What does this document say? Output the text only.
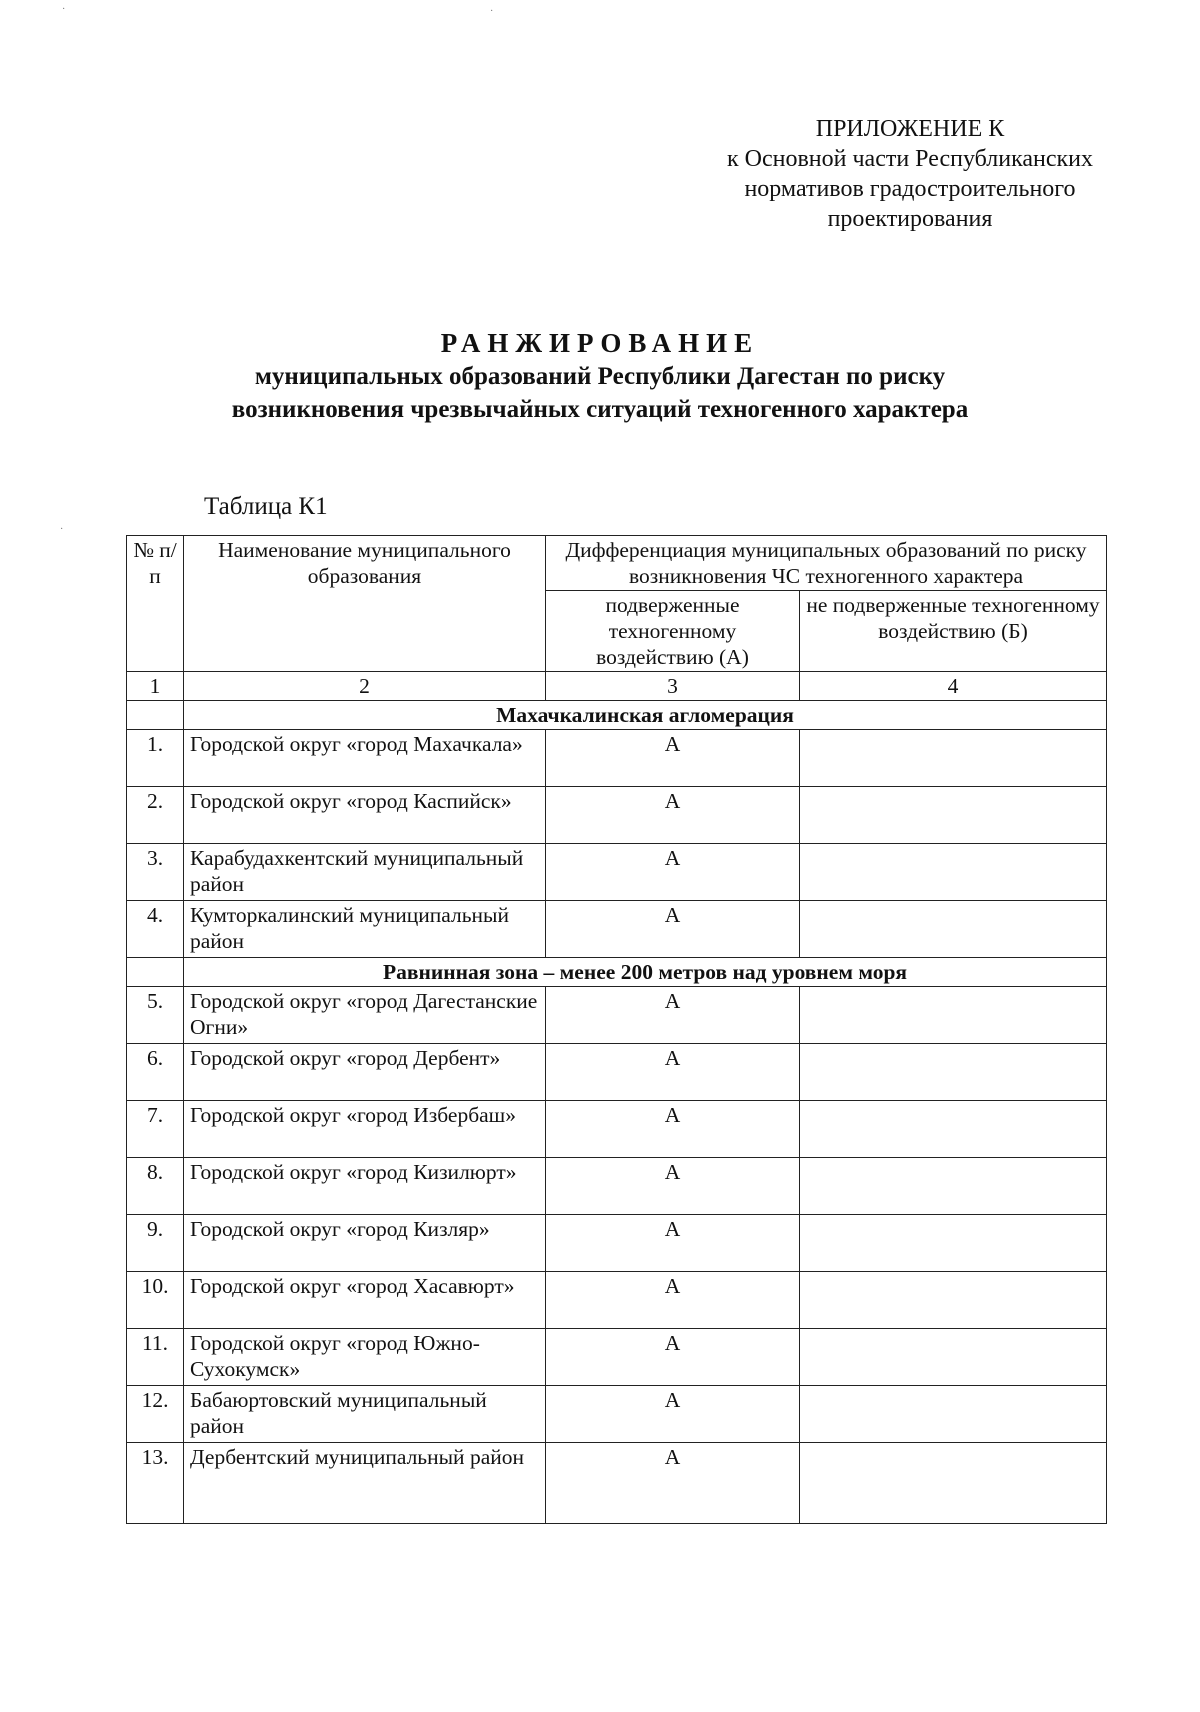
ПРИЛОЖЕНИЕ К
к Основной части Республиканских
нормативов градостроительного
проектирования
РАНЖИРОВАНИЕ
муниципальных образований Республики Дагестан по риску
возникновения чрезвычайных ситуаций техногенного характера
Таблица К1
№ п/п	Наименование муниципального образования	Дифференциация муниципальных образований по риску возникновения ЧС техногенного характера	
		подверженные техногенному воздействию (А)	не подверженные техногенному воздействию (Б)
1	2	3	4
	Махачкалинская агломерация		
1.	Городской округ «город Махачкала»	А	
2.	Городской округ «город Каспийск»	А	
3.	Карабудахкентский муниципальный район	А	
4.	Кумторкалинский муниципальный район	А	
	Равнинная зона – менее 200 метров над уровнем моря		
5.	Городской округ «город Дагестанские Огни»	А	
6.	Городской округ «город Дербент»	А	
7.	Городской округ «город Избербаш»	А	
8.	Городской округ «город Кизилюрт»	А	
9.	Городской округ «город Кизляр»	А	
10.	Городской округ «город Хасавюрт»	А	
11.	Городской округ «город Южно-Сухокумск»	А	
12.	Бабаюртовский муниципальный район	А	
13.	Дербентский муниципальный район	А	
·	·
·
